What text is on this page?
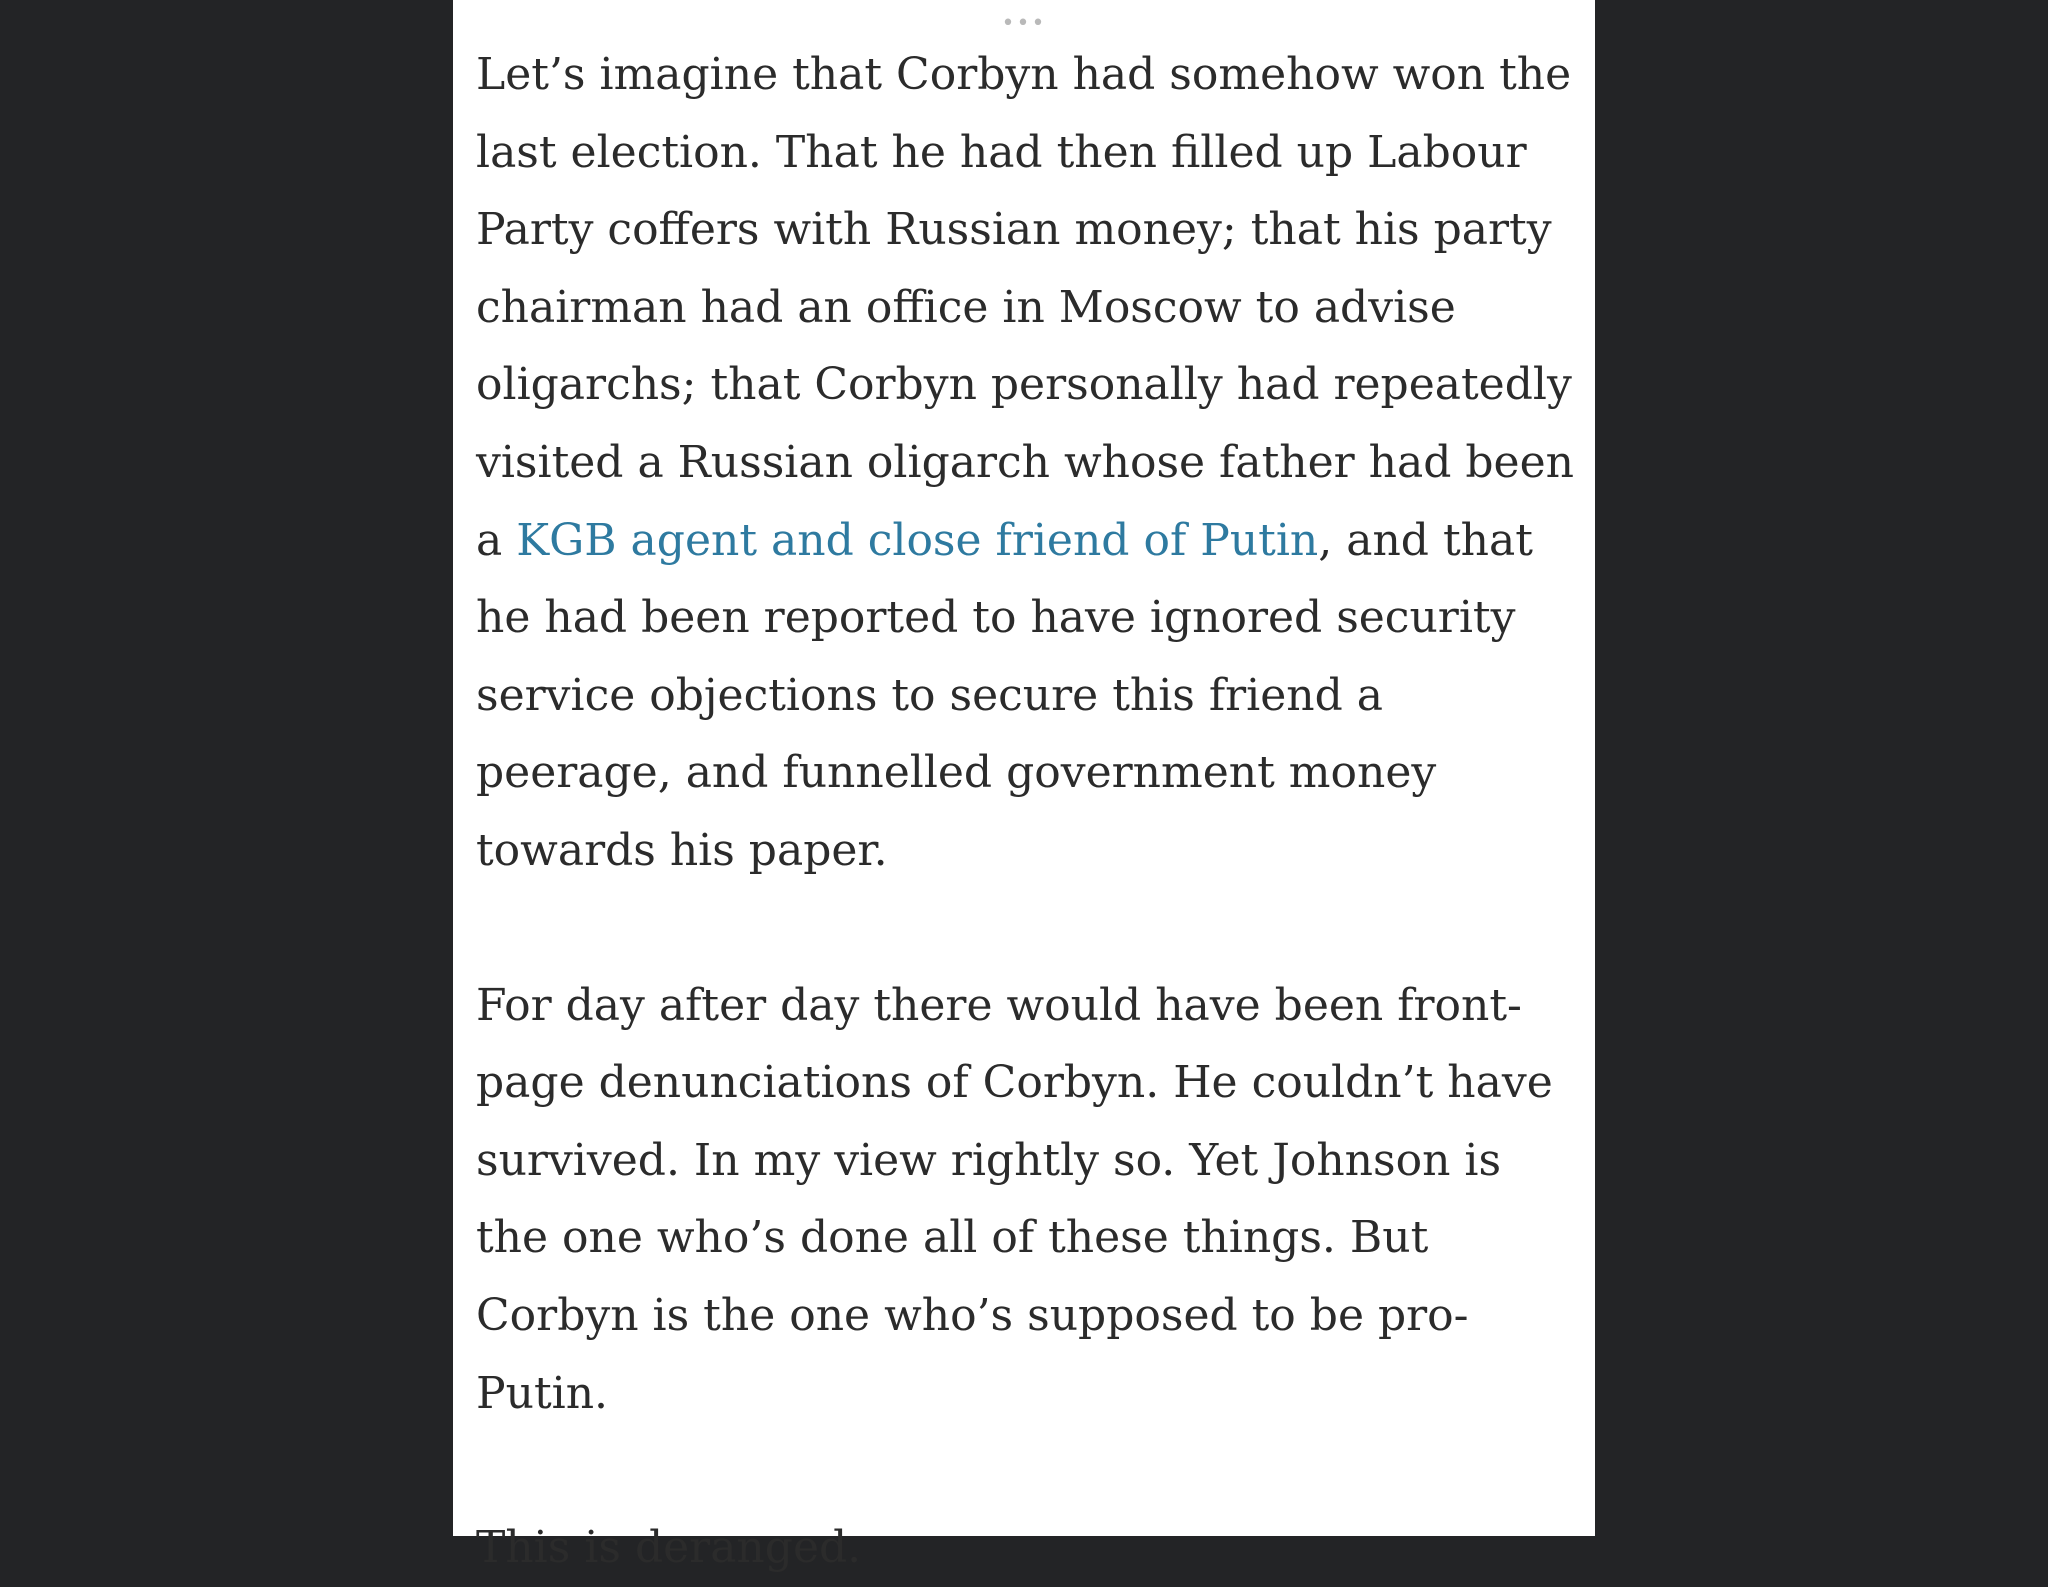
•••

Let’s imagine that Corbyn had somehow won the last election. That he had then filled up Labour Party coffers with Russian money; that his party chairman had an office in Moscow to advise oligarchs; that Corbyn personally had repeatedly visited a Russian oligarch whose father had been a KGB agent and close friend of Putin, and that he had been reported to have ignored security service objections to secure this friend a peerage, and funnelled government money towards his paper.

For day after day there would have been front-page denunciations of Corbyn. He couldn’t have survived. In my view rightly so. Yet Johnson is the one who’s done all of these things. But Corbyn is the one who’s supposed to be pro-Putin.

This is deranged.
